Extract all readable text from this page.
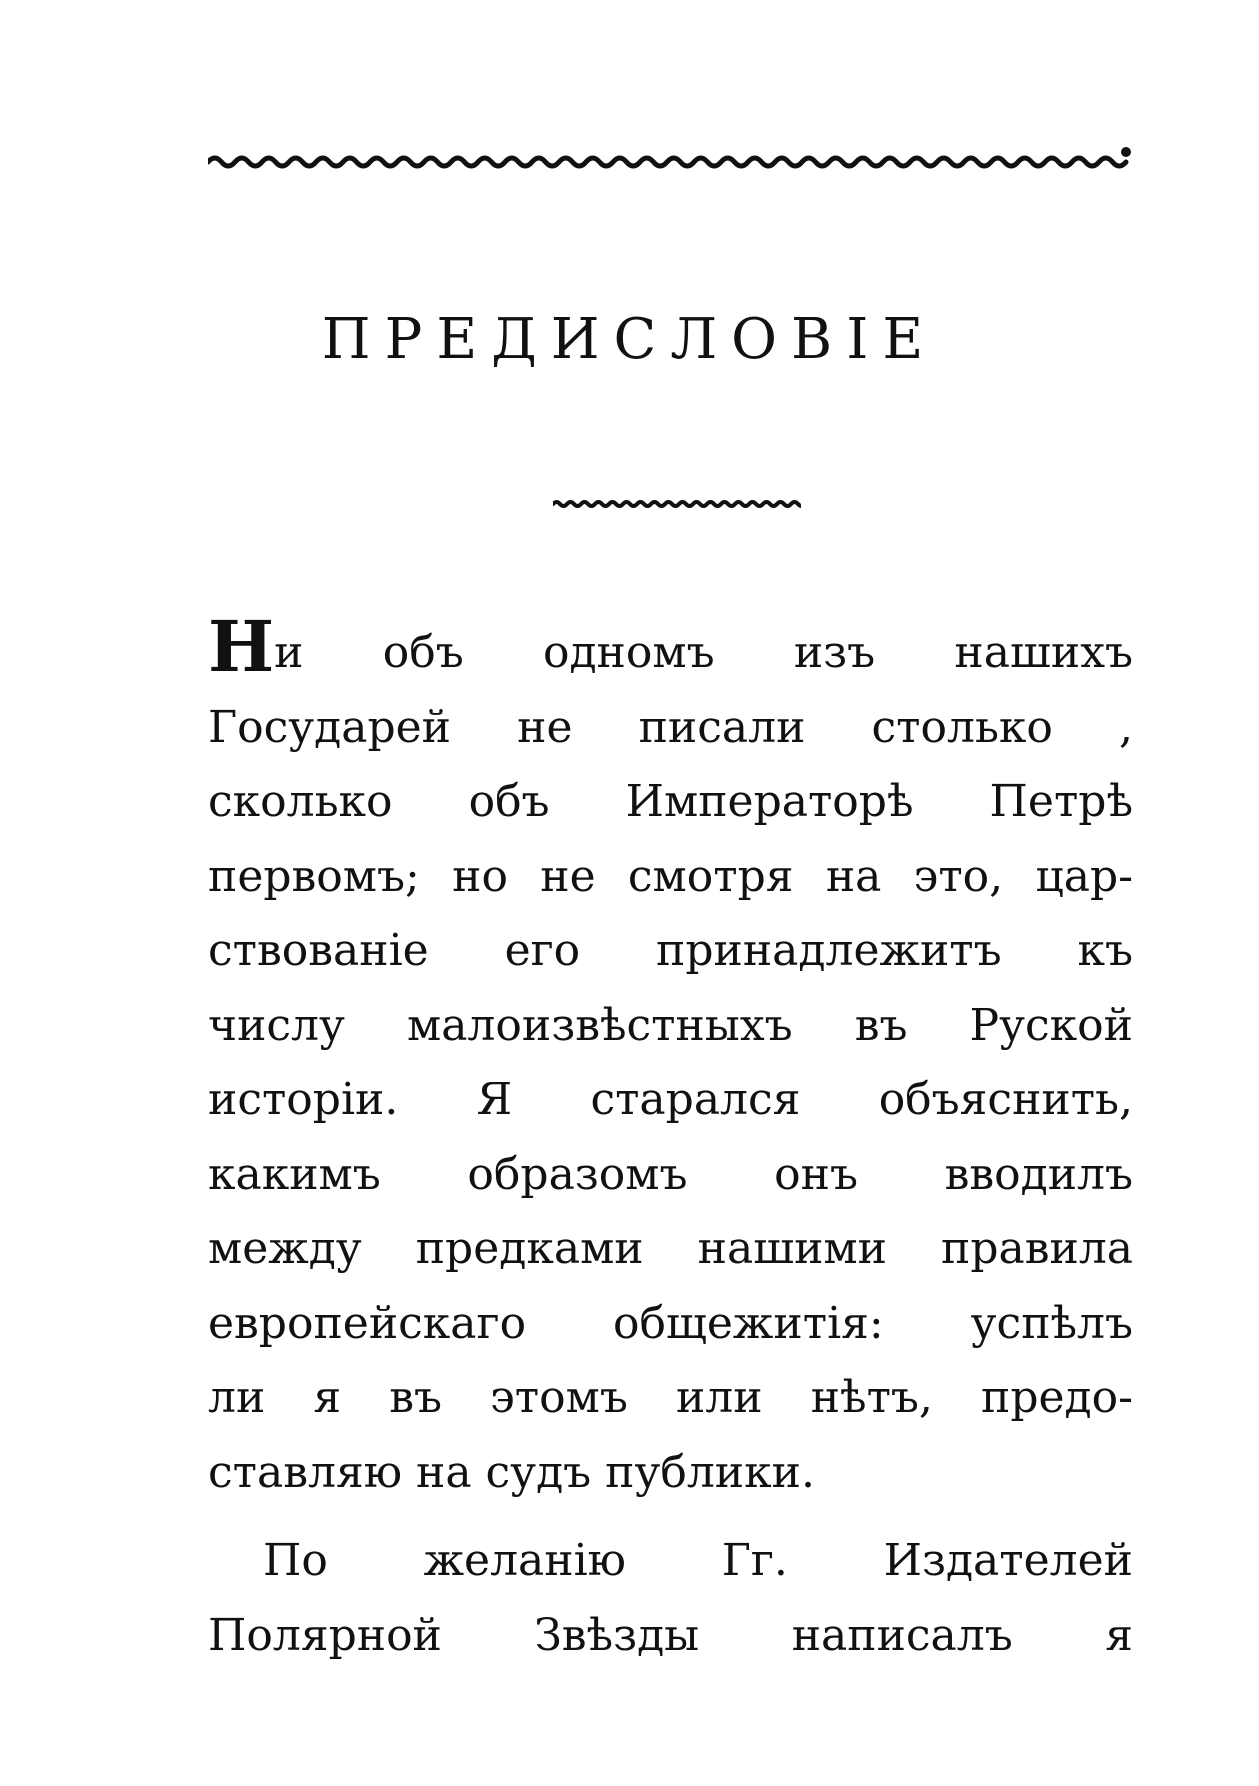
ПРЕДИСЛОВІЕ
Ни объ одномъ изъ нашихъ
Государей не писали столько ,
сколько объ Императорѣ Петрѣ
первомъ; но не смотря на это, цар-
ствованіе его принадлежитъ къ
числу малоизвѣстныхъ въ Руской
исторіи. Я старался объяснить,
какимъ образомъ онъ вводилъ
между предками нашими правила
европейскаго общежитія: успѣлъ
ли я въ этомъ или нѣтъ, предо-
ставляю на судъ публики.
По желанію Гг. Издателей
Полярной Звѣзды написалъ я
